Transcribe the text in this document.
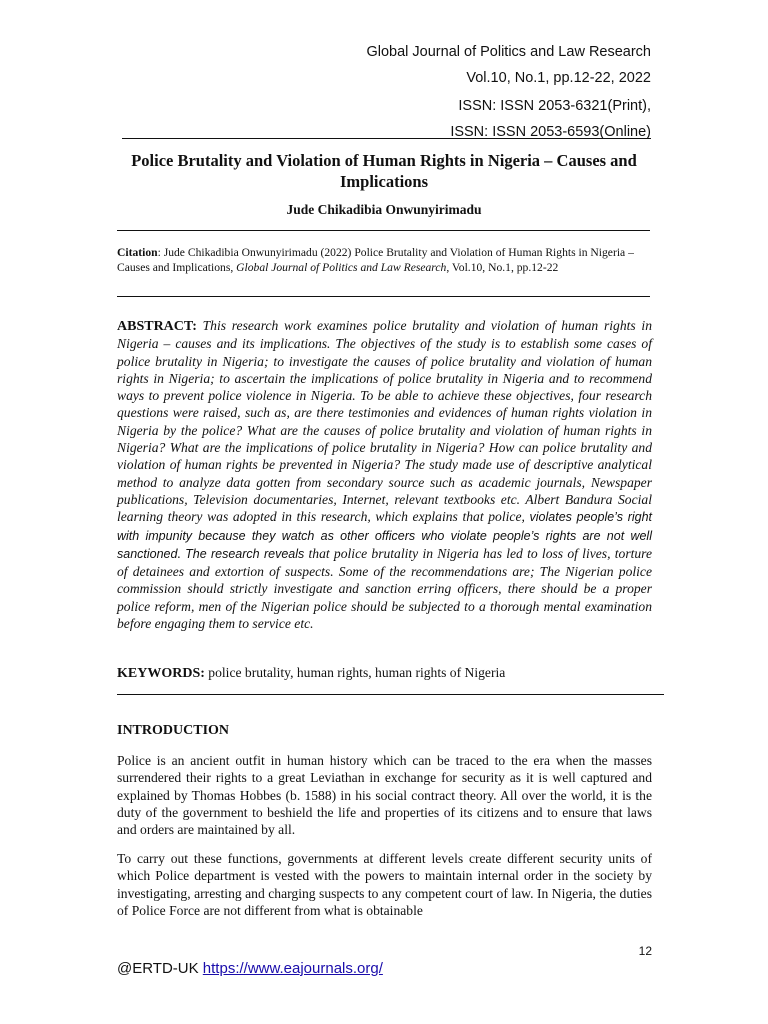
Global Journal of Politics and Law Research
Vol.10, No.1, pp.12-22, 2022
ISSN: ISSN 2053-6321(Print),
ISSN: ISSN 2053-6593(Online)
Police Brutality and Violation of Human Rights in Nigeria – Causes and Implications
Jude Chikadibia Onwunyirimadu
Citation: Jude Chikadibia Onwunyirimadu (2022) Police Brutality and Violation of Human Rights in Nigeria – Causes and Implications, Global Journal of Politics and Law Research, Vol.10, No.1, pp.12-22
ABSTRACT: This research work examines police brutality and violation of human rights in Nigeria – causes and its implications. The objectives of the study is to establish some cases of police brutality in Nigeria; to investigate the causes of police brutality and violation of human rights in Nigeria; to ascertain the implications of police brutality in Nigeria and to recommend ways to prevent police violence in Nigeria. To be able to achieve these objectives, four research questions were raised, such as, are there testimonies and evidences of human rights violation in Nigeria by the police? What are the causes of police brutality and violation of human rights in Nigeria? What are the implications of police brutality in Nigeria? How can police brutality and violation of human rights be prevented in Nigeria? The study made use of descriptive analytical method to analyze data gotten from secondary source such as academic journals, Newspaper publications, Television documentaries, Internet, relevant textbooks etc. Albert Bandura Social learning theory was adopted in this research, which explains that police, violates people’s right with impunity because they watch as other officers who violate people’s rights are not well sanctioned. The research reveals that police brutality in Nigeria has led to loss of lives, torture of detainees and extortion of suspects. Some of the recommendations are; The Nigerian police commission should strictly investigate and sanction erring officers, there should be a proper police reform, men of the Nigerian police should be subjected to a thorough mental examination before engaging them to service etc.
KEYWORDS: police brutality, human rights, human rights of Nigeria
INTRODUCTION
Police is an ancient outfit in human history which can be traced to the era when the masses surrendered their rights to a great Leviathan in exchange for security as it is well captured and explained by Thomas Hobbes (b. 1588) in his social contract theory. All over the world, it is the duty of the government to beshield the life and properties of its citizens and to ensure that laws and orders are maintained by all.
To carry out these functions, governments at different levels create different security units of which Police department is vested with the powers to maintain internal order in the society by investigating, arresting and charging suspects to any competent court of law. In Nigeria, the duties of Police Force are not different from what is obtainable
12
@ERTD-UK https://www.eajournals.org/
